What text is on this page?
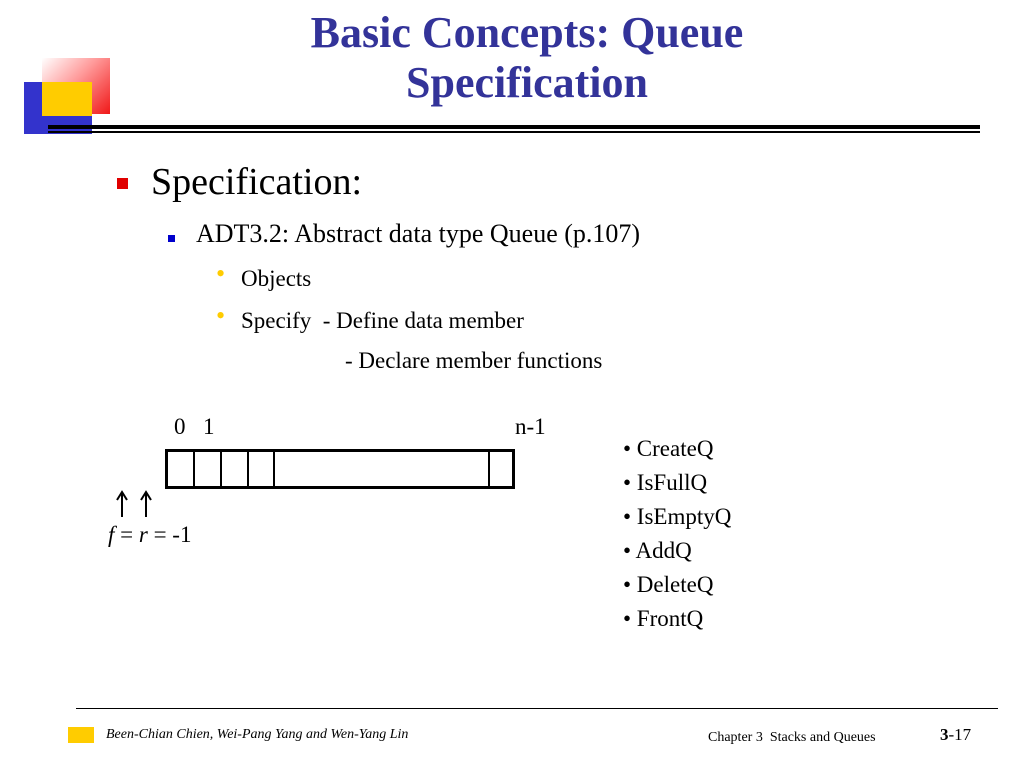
Basic Concepts: Queue
Specification
Specification:
ADT3.2: Abstract data type Queue (p.107)
• Objects
• Specify  - Define data member
- Declare member functions
0 1	n-1
f = r = -1
• CreateQ
• IsFullQ
• IsEmptyQ
• AddQ
• DeleteQ
• FrontQ
Been-Chian Chien, Wei-Pang Yang and Wen-Yang Lin	Chapter 3  Stacks and Queues	3-17
